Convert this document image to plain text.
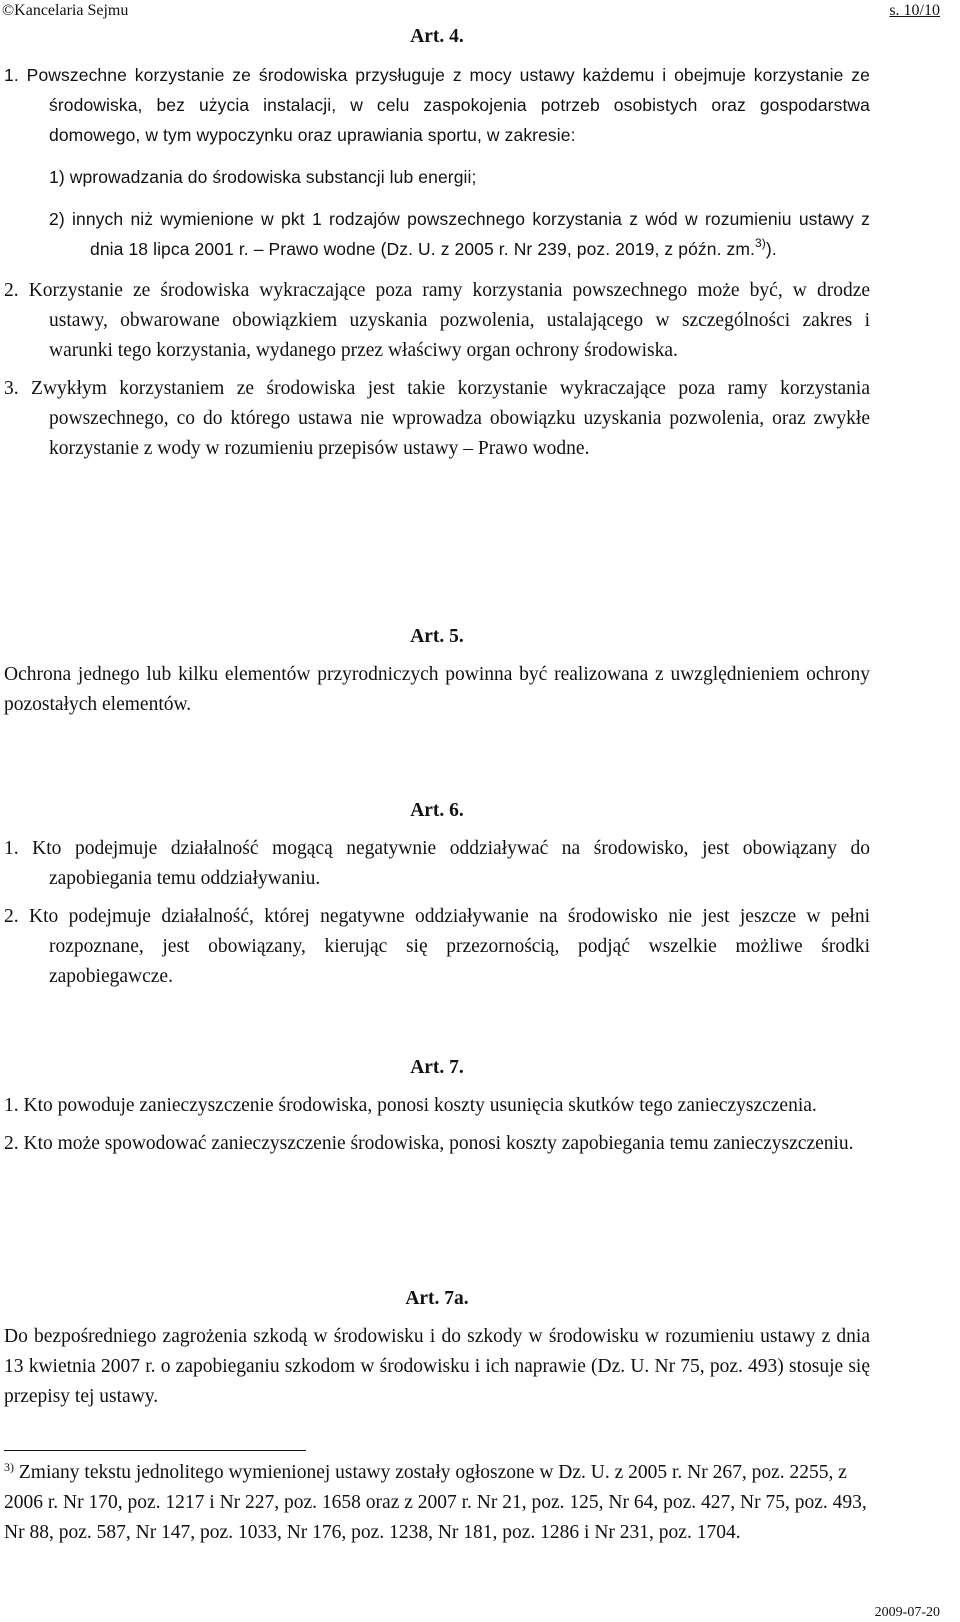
©Kancelaria Sejmu	s. 10/10
Art. 4.

1. Powszechne korzystanie ze środowiska przysługuje z mocy ustawy każdemu i obejmuje korzystanie ze środowiska, bez użycia instalacji, w celu zaspokojenia potrzeb osobistych oraz gospodarstwa domowego, w tym wypoczynku oraz uprawiania sportu, w zakresie:

1) wprowadzania do środowiska substancji lub energii;

2) innych niż wymienione w pkt 1 rodzajów powszechnego korzystania z wód w rozumieniu ustawy z dnia 18 lipca 2001 r. – Prawo wodne (Dz. U. z 2005 r. Nr 239, poz. 2019, z późn. zm.$^{3)}$).

2. Korzystanie ze środowiska wykraczające poza ramy korzystania powszechnego może być, w drodze ustawy, obwarowane obowiązkiem uzyskania pozwolenia, ustalającego w szczególności zakres i warunki tego korzystania, wydanego przez właściwy organ ochrony środowiska.

3. Zwykłym korzystaniem ze środowiska jest takie korzystanie wykraczające poza ramy korzystania powszechnego, co do którego ustawa nie wprowadza obowiązku uzyskania pozwolenia, oraz zwykłe korzystanie z wody w rozumieniu przepisów ustawy – Prawo wodne.

Art. 5.

Ochrona jednego lub kilku elementów przyrodniczych powinna być realizowana z uwzględnieniem ochrony pozostałych elementów.

Art. 6.

1. Kto podejmuje działalność mogącą negatywnie oddziaływać na środowisko, jest obowiązany do zapobiegania temu oddziaływaniu.

2. Kto podejmuje działalność, której negatywne oddziaływanie na środowisko nie jest jeszcze w pełni rozpoznane, jest obowiązany, kierując się przezornością, podjąć wszelkie możliwe środki zapobiegawcze.

Art. 7.

1. Kto powoduje zanieczyszczenie środowiska, ponosi koszty usunięcia skutków tego zanieczyszczenia.

2. Kto może spowodować zanieczyszczenie środowiska, ponosi koszty zapobiegania temu zanieczyszczeniu.

Art. 7a.

Do bezpośredniego zagrożenia szkodą w środowisku i do szkody w środowisku w rozumieniu ustawy z dnia 13 kwietnia 2007 r. o zapobieganiu szkodom w środowisku i ich naprawie (Dz. U. Nr 75, poz. 493) stosuje się przepisy tej ustawy.

$^{3)}$ Zmiany tekstu jednolitego wymienionej ustawy zostały ogłoszone w Dz. U. z 2005 r. Nr 267, poz. 2255, z 2006 r. Nr 170, poz. 1217 i Nr 227, poz. 1658 oraz z 2007 r. Nr 21, poz. 125, Nr 64, poz. 427, Nr 75, poz. 493, Nr 88, poz. 587, Nr 147, poz. 1033, Nr 176, poz. 1238, Nr 181, poz. 1286 i Nr 231, poz. 1704.
2009-07-20
